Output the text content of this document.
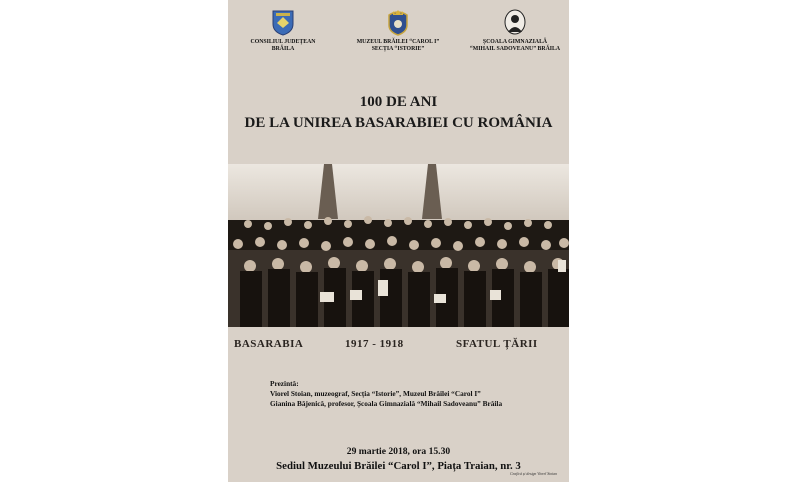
CONSILIUL JUDEȚEAN
BRĂILA
MUZEUL BRĂILEI “CAROL I”
SECȚIA “ISTORIE”
ȘCOALA GIMNAZIALĂ
“MIHAIL SADOVEANU” BRĂILA
100 DE ANI
DE LA UNIREA BASARABIEI CU ROMÂNIA
BASARABIA	1917 - 1918	SFATUL ȚĂRII
Prezintă:
Viorel Stoian, muzeograf, Secția “Istorie”, Muzeul Brăilei “Carol I”
Gianina Bâjenică, profesor, Școala Gimnazială “Mihail Sadoveanu” Brăila
29 martie 2018, ora 15.30
Sediul Muzeului Brăilei “Carol I”, Piața Traian, nr. 3
Grafică și design Viorel Stoian
